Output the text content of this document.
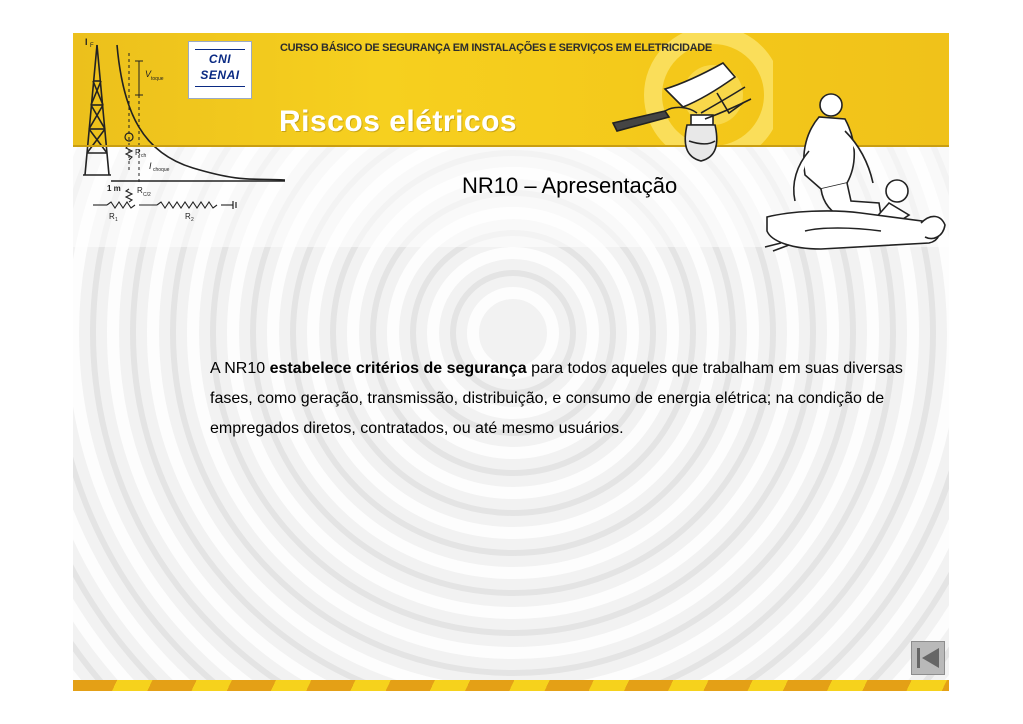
I F
V toque
R ch
I choque
1 m R C/2
R 1	R 2
CNI
SENAI
CURSO BÁSICO DE SEGURANÇA EM INSTALAÇÕES E SERVIÇOS EM ELETRICIDADE
Riscos elétricos
NR10 – Apresentação
A NR10 estabelece critérios de segurança para todos aqueles que trabalham em suas diversas fases, como geração, transmissão, distribuição, e consumo de energia elétrica; na condição de empregados diretos, contratados, ou até mesmo usuários.
